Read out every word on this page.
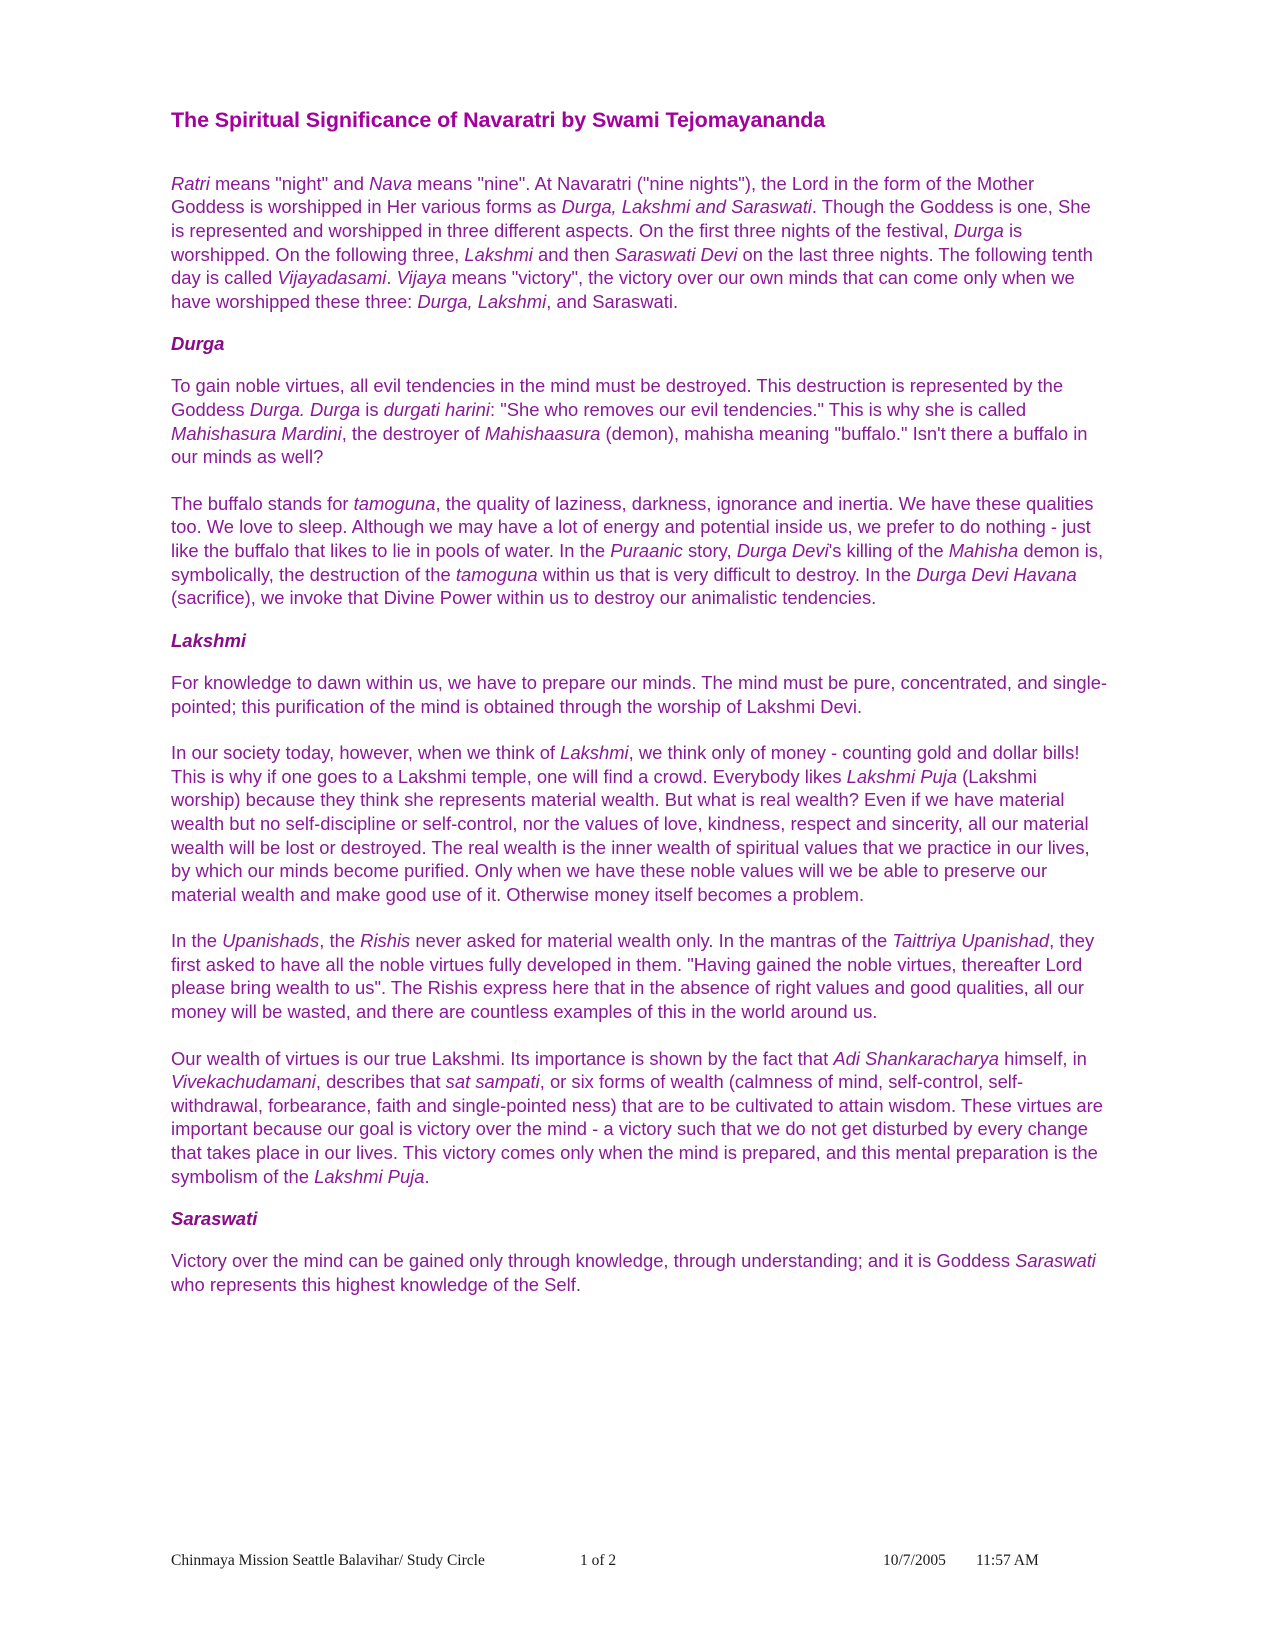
The Spiritual Significance of Navaratri by Swami Tejomayananda

Ratri means "night" and Nava means "nine". At Navaratri ("nine nights"), the Lord in the form of the Mother Goddess is worshipped in Her various forms as Durga, Lakshmi and Saraswati. Though the Goddess is one, She is represented and worshipped in three different aspects. On the first three nights of the festival, Durga is worshipped. On the following three, Lakshmi and then Saraswati Devi on the last three nights. The following tenth day is called Vijayadasami. Vijaya means "victory", the victory over our own minds that can come only when we have worshipped these three: Durga, Lakshmi, and Saraswati.

Durga

To gain noble virtues, all evil tendencies in the mind must be destroyed. This destruction is represented by the Goddess Durga. Durga is durgati harini: "She who removes our evil tendencies." This is why she is called Mahishasura Mardini, the destroyer of Mahishaasura (demon), mahisha meaning "buffalo." Isn't there a buffalo in our minds as well?

The buffalo stands for tamoguna, the quality of laziness, darkness, ignorance and inertia. We have these qualities too. We love to sleep. Although we may have a lot of energy and potential inside us, we prefer to do nothing - just like the buffalo that likes to lie in pools of water. In the Puraanic story, Durga Devi's killing of the Mahisha demon is, symbolically, the destruction of the tamoguna within us that is very difficult to destroy. In the Durga Devi Havana (sacrifice), we invoke that Divine Power within us to destroy our animalistic tendencies.

Lakshmi

For knowledge to dawn within us, we have to prepare our minds. The mind must be pure, concentrated, and single-pointed; this purification of the mind is obtained through the worship of Lakshmi Devi.

In our society today, however, when we think of Lakshmi, we think only of money - counting gold and dollar bills! This is why if one goes to a Lakshmi temple, one will find a crowd. Everybody likes Lakshmi Puja (Lakshmi worship) because they think she represents material wealth. But what is real wealth? Even if we have material wealth but no self-discipline or self-control, nor the values of love, kindness, respect and sincerity, all our material wealth will be lost or destroyed. The real wealth is the inner wealth of spiritual values that we practice in our lives, by which our minds become purified. Only when we have these noble values will we be able to preserve our material wealth and make good use of it. Otherwise money itself becomes a problem.

In the Upanishads, the Rishis never asked for material wealth only. In the mantras of the Taittriya Upanishad, they first asked to have all the noble virtues fully developed in them. "Having gained the noble virtues, thereafter Lord please bring wealth to us". The Rishis express here that in the absence of right values and good qualities, all our money will be wasted, and there are countless examples of this in the world around us.

Our wealth of virtues is our true Lakshmi. Its importance is shown by the fact that Adi Shankaracharya himself, in Vivekachudamani, describes that sat sampati, or six forms of wealth (calmness of mind, self-control, self-withdrawal, forbearance, faith and single-pointed ness) that are to be cultivated to attain wisdom. These virtues are important because our goal is victory over the mind - a victory such that we do not get disturbed by every change that takes place in our lives. This victory comes only when the mind is prepared, and this mental preparation is the symbolism of the Lakshmi Puja.

Saraswati

Victory over the mind can be gained only through knowledge, through understanding; and it is Goddess Saraswati who represents this highest knowledge of the Self.

Chinmaya Mission Seattle Balavihar/ Study Circle	1 of 2	10/7/2005 11:57 AM
